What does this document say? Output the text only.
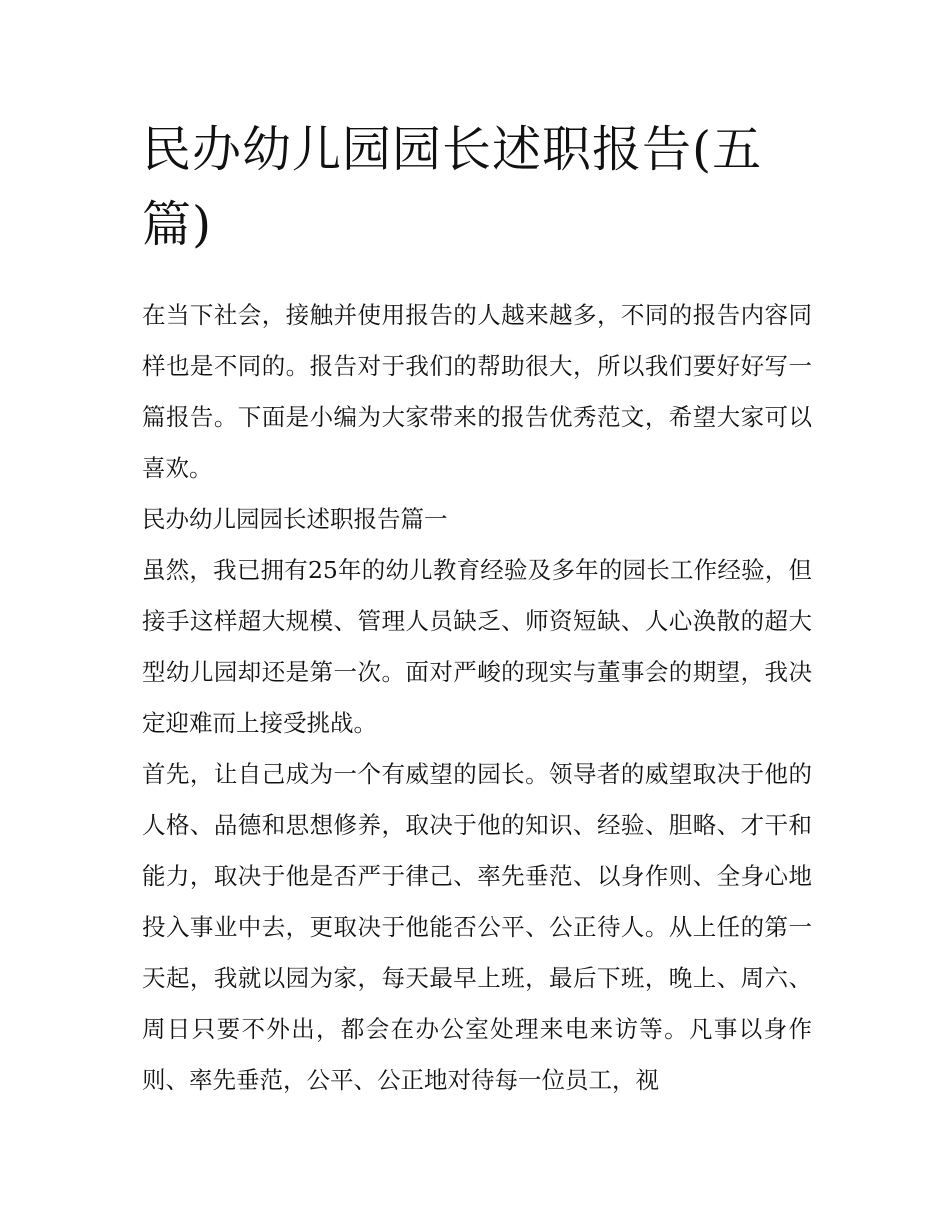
民办幼儿园园长述职报告(五篇)

在当下社会，接触并使用报告的人越来越多，不同的报告内容同样也是不同的。报告对于我们的帮助很大，所以我们要好好写一篇报告。下面是小编为大家带来的报告优秀范文，希望大家可以喜欢。

民办幼儿园园长述职报告篇一

虽然，我已拥有25年的幼儿教育经验及多年的园长工作经验，但接手这样超大规模、管理人员缺乏、师资短缺、人心涣散的超大型幼儿园却还是第一次。面对严峻的现实与董事会的期望，我决定迎难而上接受挑战。

首先，让自己成为一个有威望的园长。领导者的威望取决于他的人格、品德和思想修养，取决于他的知识、经验、胆略、才干和能力，取决于他是否严于律己、率先垂范、以身作则、全身心地投入事业中去，更取决于他能否公平、公正待人。从上任的第一天起，我就以园为家，每天最早上班，最后下班，晚上、周六、周日只要不外出，都会在办公室处理来电来访等。凡事以身作则、率先垂范，公平、公正地对待每一位员工，视
